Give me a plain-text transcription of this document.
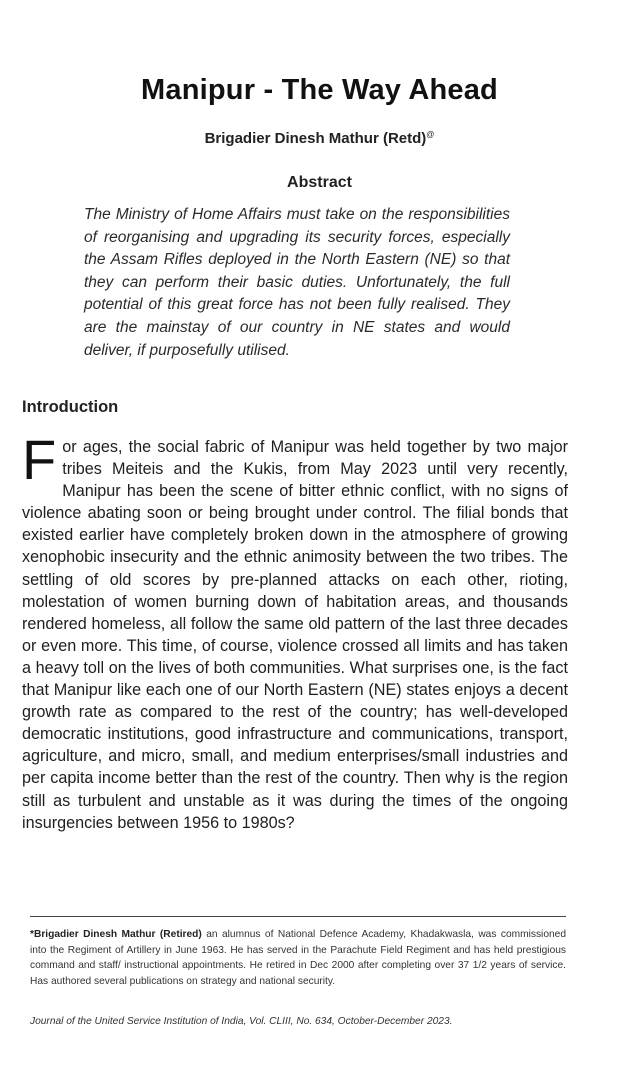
Manipur - The Way Ahead
Brigadier Dinesh Mathur (Retd)@
Abstract
The Ministry of Home Affairs must take on the responsibilities of reorganising and upgrading its security forces, especially the Assam Rifles deployed in the North Eastern (NE) so that they can perform their basic duties. Unfortunately, the full potential of this great force has not been fully realised. They are the mainstay of our country in NE states and would deliver, if purposefully utilised.
Introduction
For ages, the social fabric of Manipur was held together by two major tribes Meiteis and the Kukis, from May 2023 until very recently, Manipur has been the scene of bitter ethnic conflict, with no signs of violence abating soon or being brought under control. The filial bonds that existed earlier have completely broken down in the atmosphere of growing xenophobic insecurity and the ethnic animosity between the two tribes. The settling of old scores by pre-planned attacks on each other, rioting, molestation of women burning down of habitation areas, and thousands rendered homeless, all follow the same old pattern of the last three decades or even more. This time, of course, violence crossed all limits and has taken a heavy toll on the lives of both communities. What surprises one, is the fact that Manipur like each one of our North Eastern (NE) states enjoys a decent growth rate as compared to the rest of the country; has well-developed democratic institutions, good infrastructure and communications, transport, agriculture, and micro, small, and medium enterprises/small industries and per capita income better than the rest of the country. Then why is the region still as turbulent and unstable as it was during the times of the ongoing insurgencies between 1956 to 1980s?
*Brigadier Dinesh Mathur (Retired) an alumnus of National Defence Academy, Khadakwasla, was commissioned into the Regiment of Artillery in June 1963. He has served in the Parachute Field Regiment and has held prestigious command and staff/ instructional appointments. He retired in Dec 2000 after completing over 37 1/2 years of service. Has authored several publications on strategy and national security.
Journal of the United Service Institution of India, Vol. CLIII, No. 634, October-December 2023.
